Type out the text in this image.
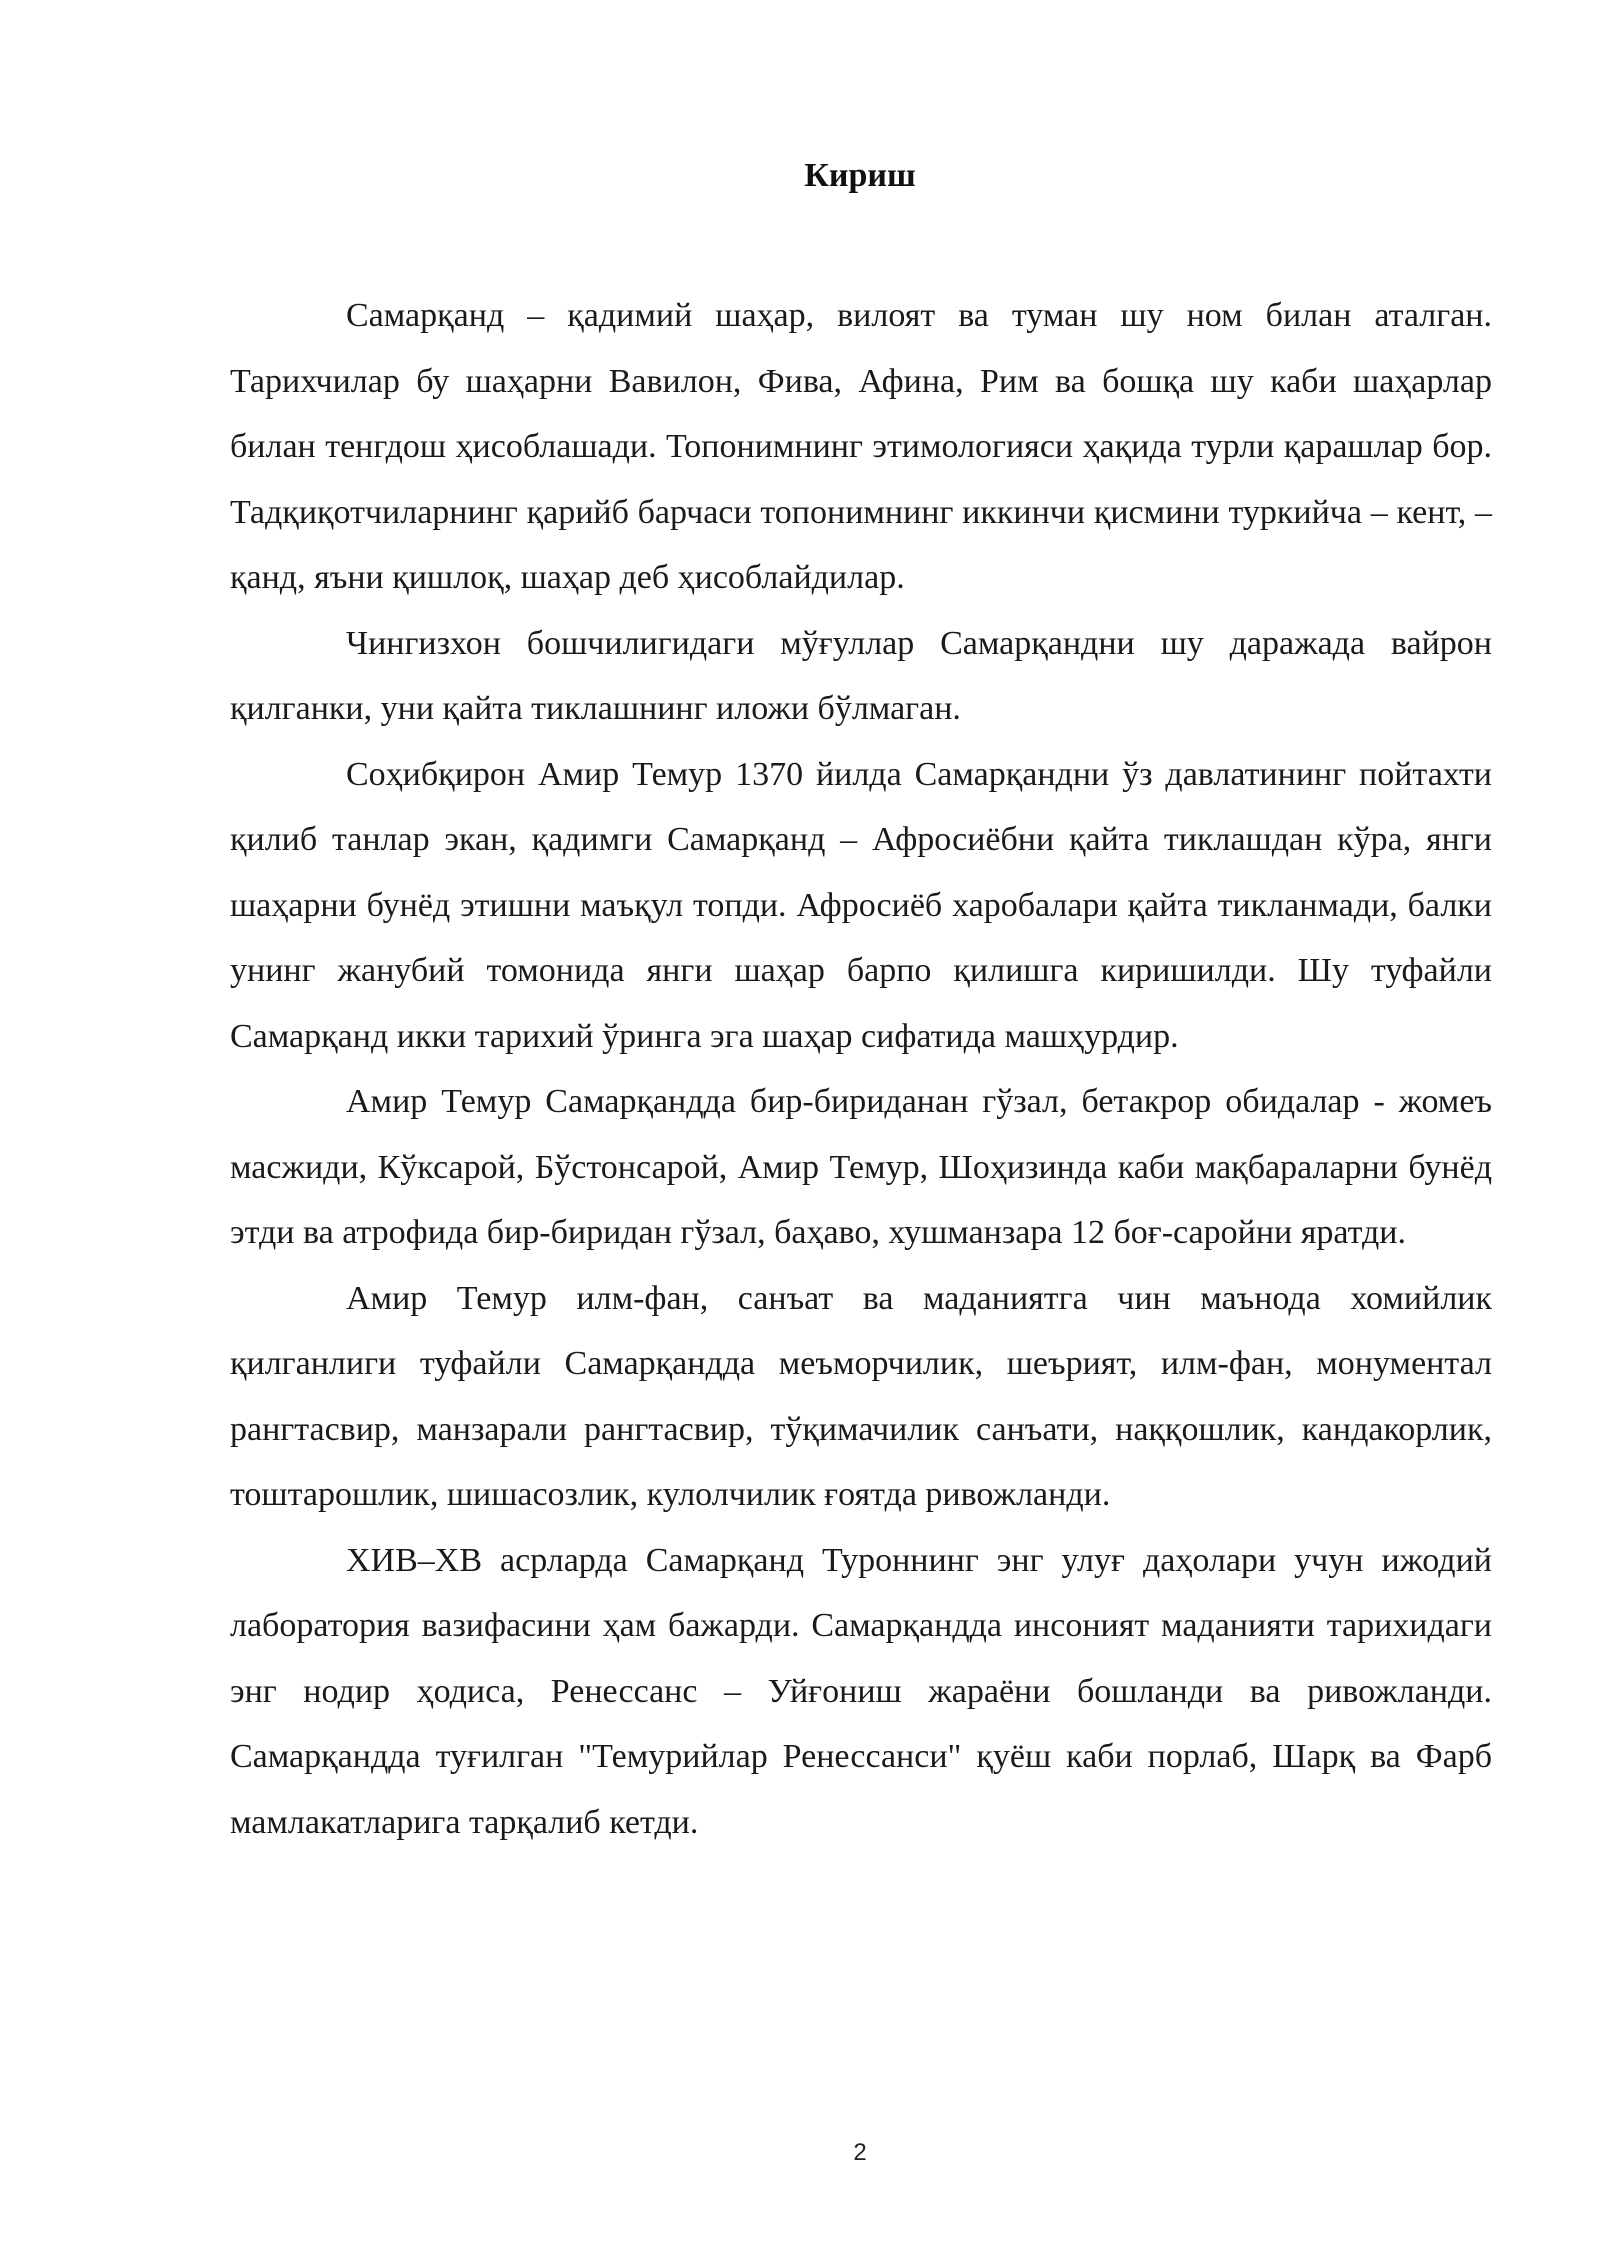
Кириш

Самарқанд – қадимий шаҳар, вилоят ва туман шу ном билан аталган. Тарихчилар бу шаҳарни Вавилон, Фива, Афина, Рим ва бошқа шу каби шаҳарлар билан тенгдош ҳисоблашади. Топонимнинг этимологияси ҳақида турли қарашлар бор. Тадқиқотчиларнинг қарийб барчаси топонимнинг иккинчи қисмини туркийча – кент, – қанд, яъни қишлоқ, шаҳар деб ҳисоблайдилар.

Чингизхон бошчилигидаги мўғуллар Самарқандни шу даражада вайрон қилганки, уни қайта тиклашнинг иложи бўлмаган.

Соҳибқирон Амир Темур 1370 йилда Самарқандни ўз давлатининг пойтахти қилиб танлар экан, қадимги Самарқанд – Афросиёбни қайта тиклашдан кўра, янги шаҳарни бунёд этишни маъқул топди. Афросиёб харобалари қайта тикланмади, балки унинг жанубий томонида янги шаҳар барпо қилишга киришилди. Шу туфайли Самарқанд икки тарихий ўринга эга шаҳар сифатида машҳурдир.

Амир Темур Самарқандда бир-бириданан гўзал, бетакрор обидалар - жомеъ масжиди, Кўксарой, Бўстонсарой, Амир Темур, Шоҳизинда каби мақбараларни бунёд этди ва атрофида бир-биридан гўзал, баҳаво, хушманзара 12 боғ-саройни яратди.

Амир Темур илм-фан, санъат ва маданиятга чин маънода хомийлик қилганлиги туфайли Самарқандда меъморчилик, шеърият, илм-фан, монументал рангтасвир, манзарали рангтасвир, тўқимачилик санъати, наққошлик, кандакорлик, тоштарошлик, шишасозлик, кулолчилик ғоятда ривожланди.

ХИВ–ХВ асрларда Самарқанд Туроннинг энг улуғ даҳолари учун ижодий лаборатория вазифасини ҳам бажарди. Самарқандда инсоният маданияти тарихидаги энг нодир ҳодиса, Ренессанс – Уйғониш жараёни бошланди ва ривожланди. Самарқандда туғилган "Темурийлар Ренессанси" қуёш каби порлаб, Шарқ ва Фарб мамлакатларига тарқалиб кетди.

2
